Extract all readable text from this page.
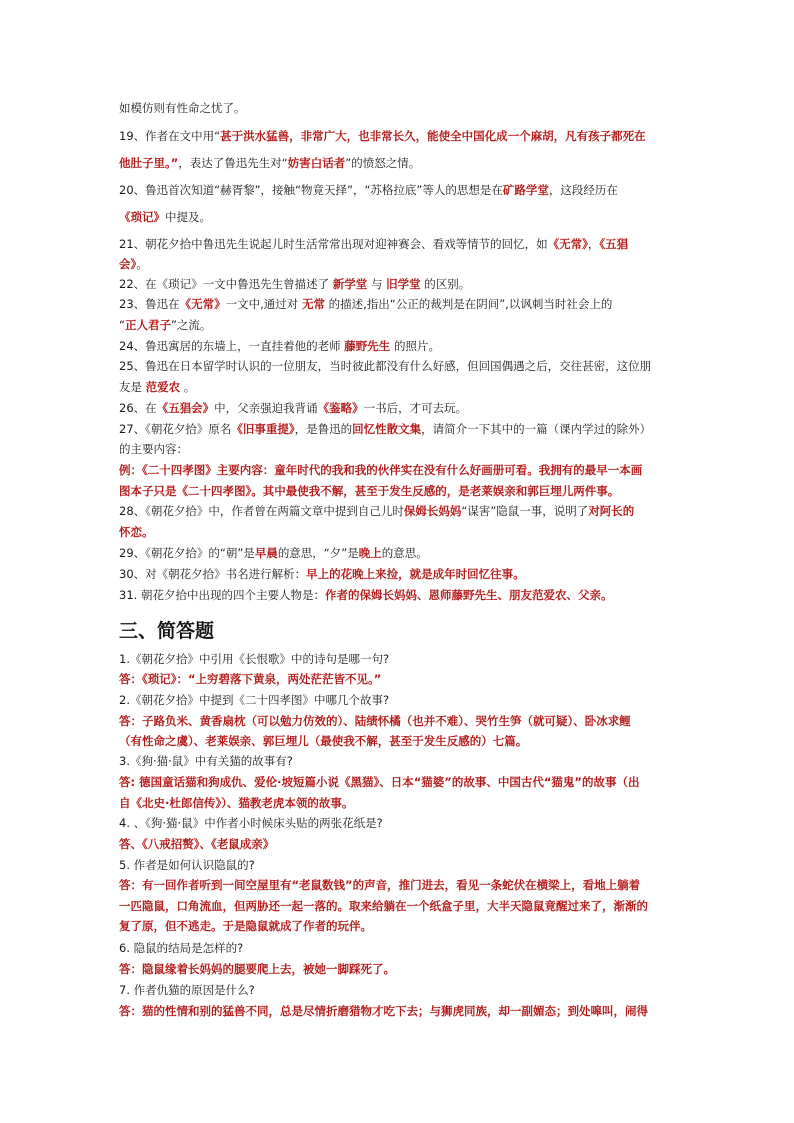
三、简答题
如模仿则有性命之忧了。
19、作者在文中用“甚于洪水猛兽，非常广大，也非常长久，能使全中国化成一个麻胡，凡有孩子都死在
他肚子里。”，表达了鲁迅先生对“妨害白话者”的愤怒之情。
20、鲁迅首次知道“赫胥黎”，接触“物竟天择”，“苏格拉底”等人的思想是在矿路学堂，这段经历在
《琐记》中提及。
21、朝花夕拾中鲁迅先生说起儿时生活常常出现对迎神赛会、看戏等情节的回忆，如《无常》，《五猖
会》。
22、在《琐记》一文中鲁迅先生曾描述了 新学堂 与 旧学堂 的区别。
23、鲁迅在《无常》一文中,通过对 无常 的描述,指出“公正的裁判是在阴间”,以讽刺当时社会上的
“正人君子”之流。
24、鲁迅寓居的东墙上，一直挂着他的老师 藤野先生 的照片。
25、鲁迅在日本留学时认识的一位朋友，当时彼此都没有什么好感，但回国偶遇之后，交往甚密，这位朋
友是 范爱农 。
26、在《五猖会》中，父亲强迫我背诵《鉴略》一书后，才可去玩。
27、《朝花夕拾》原名《旧事重提》，是鲁迅的回忆性散文集，请简介一下其中的一篇（课内学过的除外）
的主要内容：
例：《二十四孝图》主要内容：童年时代的我和我的伙伴实在没有什么好画册可看。我拥有的最早一本画
图本子只是《二十四孝图》。其中最使我不解，甚至于发生反感的，是老莱娱亲和郭巨埋儿两件事。
28、《朝花夕拾》中，作者曾在两篇文章中提到自己儿时保姆长妈妈“谋害”隐鼠一事，说明了对阿长的
怀恋。
29、《朝花夕拾》的“朝”是早晨的意思，“夕”是晚上的意思。
30、对《朝花夕拾》书名进行解析：早上的花晚上来捡，就是成年时回忆往事。
31. 朝花夕拾中出现的四个主要人物是：作者的保姆长妈妈、恩师藤野先生、朋友范爱农、父亲。
1.《朝花夕拾》中引用《长恨歌》中的诗句是哪一句?
答：《琐记》：“上穷碧落下黄泉，两处茫茫皆不见。”
2.《朝花夕拾》中提到《二十四孝图》中哪几个故事?
答：子路负米、黄香扇枕（可以勉力仿效的）、陆绩怀橘（也并不难）、哭竹生笋（就可疑）、卧冰求鲤
（有性命之虞）、老莱娱亲、郭巨埋儿（最使我不解，甚至于发生反感的）七篇。
3.《狗·猫·鼠》中有关猫的故事有?
答: 德国童话猫和狗成仇、爱伦·坡短篇小说《黑猫》、日本“猫婆”的故事、中国古代“猫鬼”的故事（出
自《北史·杜郎信传》）、猫教老虎本领的故事。
4. 、《狗·猫·鼠》中作者小时候床头贴的两张花纸是?
答、《八戒招赘》、《老鼠成亲》
5. 作者是如何认识隐鼠的?
答：有一回作者听到一间空屋里有“老鼠数钱”的声音，推门进去，看见一条蛇伏在横梁上，看地上躺着
一匹隐鼠，口角流血，但两胁还一起一落的。取来给躺在一个纸盒子里，大半天隐鼠竟醒过来了，渐渐的
复了原，但不逃走。于是隐鼠就成了作者的玩伴。
6. 隐鼠的结局是怎样的?
答：隐鼠缘着长妈妈的腿要爬上去，被她一脚踩死了。
7. 作者仇猫的原因是什么?
答：猫的性情和别的猛兽不同，总是尽情折磨猎物才吃下去；与狮虎同族，却一副媚态；到处嗥叫，闹得
